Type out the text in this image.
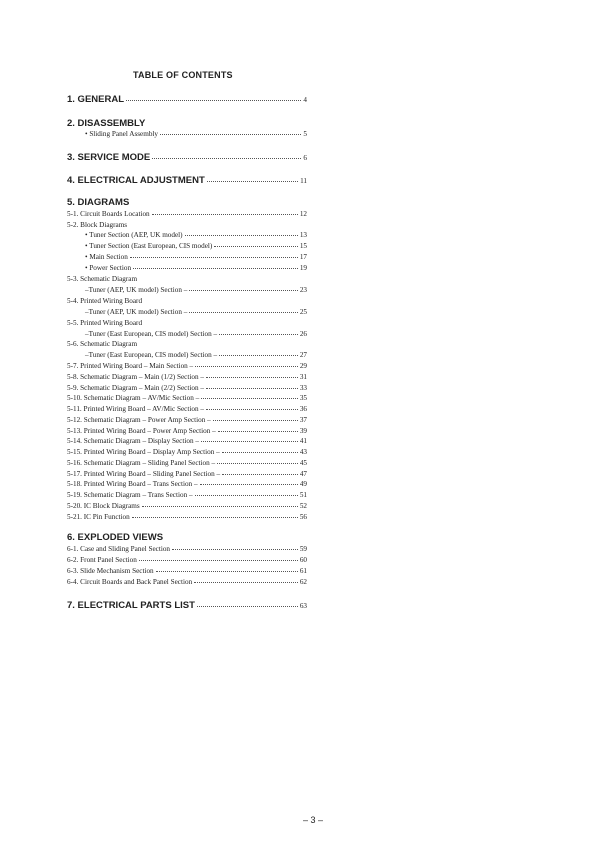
TABLE OF CONTENTS
1. GENERAL	4
2. DISASSEMBLY
• Sliding Panel Assembly	5
3. SERVICE MODE	6
4. ELECTRICAL ADJUSTMENT	11
5. DIAGRAMS
5-1. Circuit Boards Location	12
5-2. Block Diagrams
• Tuner Section (AEP, UK model)	13
• Tuner Section (East European, CIS model)	15
• Main Section	17
• Power Section	19
5-3. Schematic Diagram
–Tuner (AEP, UK model) Section –	23
5-4. Printed Wiring Board
–Tuner (AEP, UK model) Section –	25
5-5. Printed Wiring Board
–Tuner (East European, CIS model) Section –	26
5-6. Schematic Diagram
–Tuner (East European, CIS model) Section –	27
5-7. Printed Wiring Board – Main Section –	29
5-8. Schematic Diagram – Main (1/2) Section –	31
5-9. Schematic Diagram – Main (2/2) Section –	33
5-10. Schematic Diagram – AV/Mic Section –	35
5-11. Printed Wiring Board – AV/Mic Section –	36
5-12. Schematic Diagram – Power Amp Section –	37
5-13. Printed Wiring Board – Power Amp Section –	39
5-14. Schematic Diagram – Display Section –	41
5-15. Printed Wiring Board – Display Amp Section –	43
5-16. Schematic Diagram – Sliding Panel Section –	45
5-17. Printed Wiring Board – Sliding Panel Section –	47
5-18. Printed Wiring Board – Trans Section –	49
5-19. Schematic Diagram – Trans Section –	51
5-20. IC Block Diagrams	52
5-21. IC Pin Function	56
6. EXPLODED VIEWS
6-1. Case and Sliding Panel Section	59
6-2. Front Panel Section	60
6-3. Slide Mechanism Section	61
6-4. Circuit Boards and Back Panel Section	62
7. ELECTRICAL PARTS LIST	63
– 3 –
